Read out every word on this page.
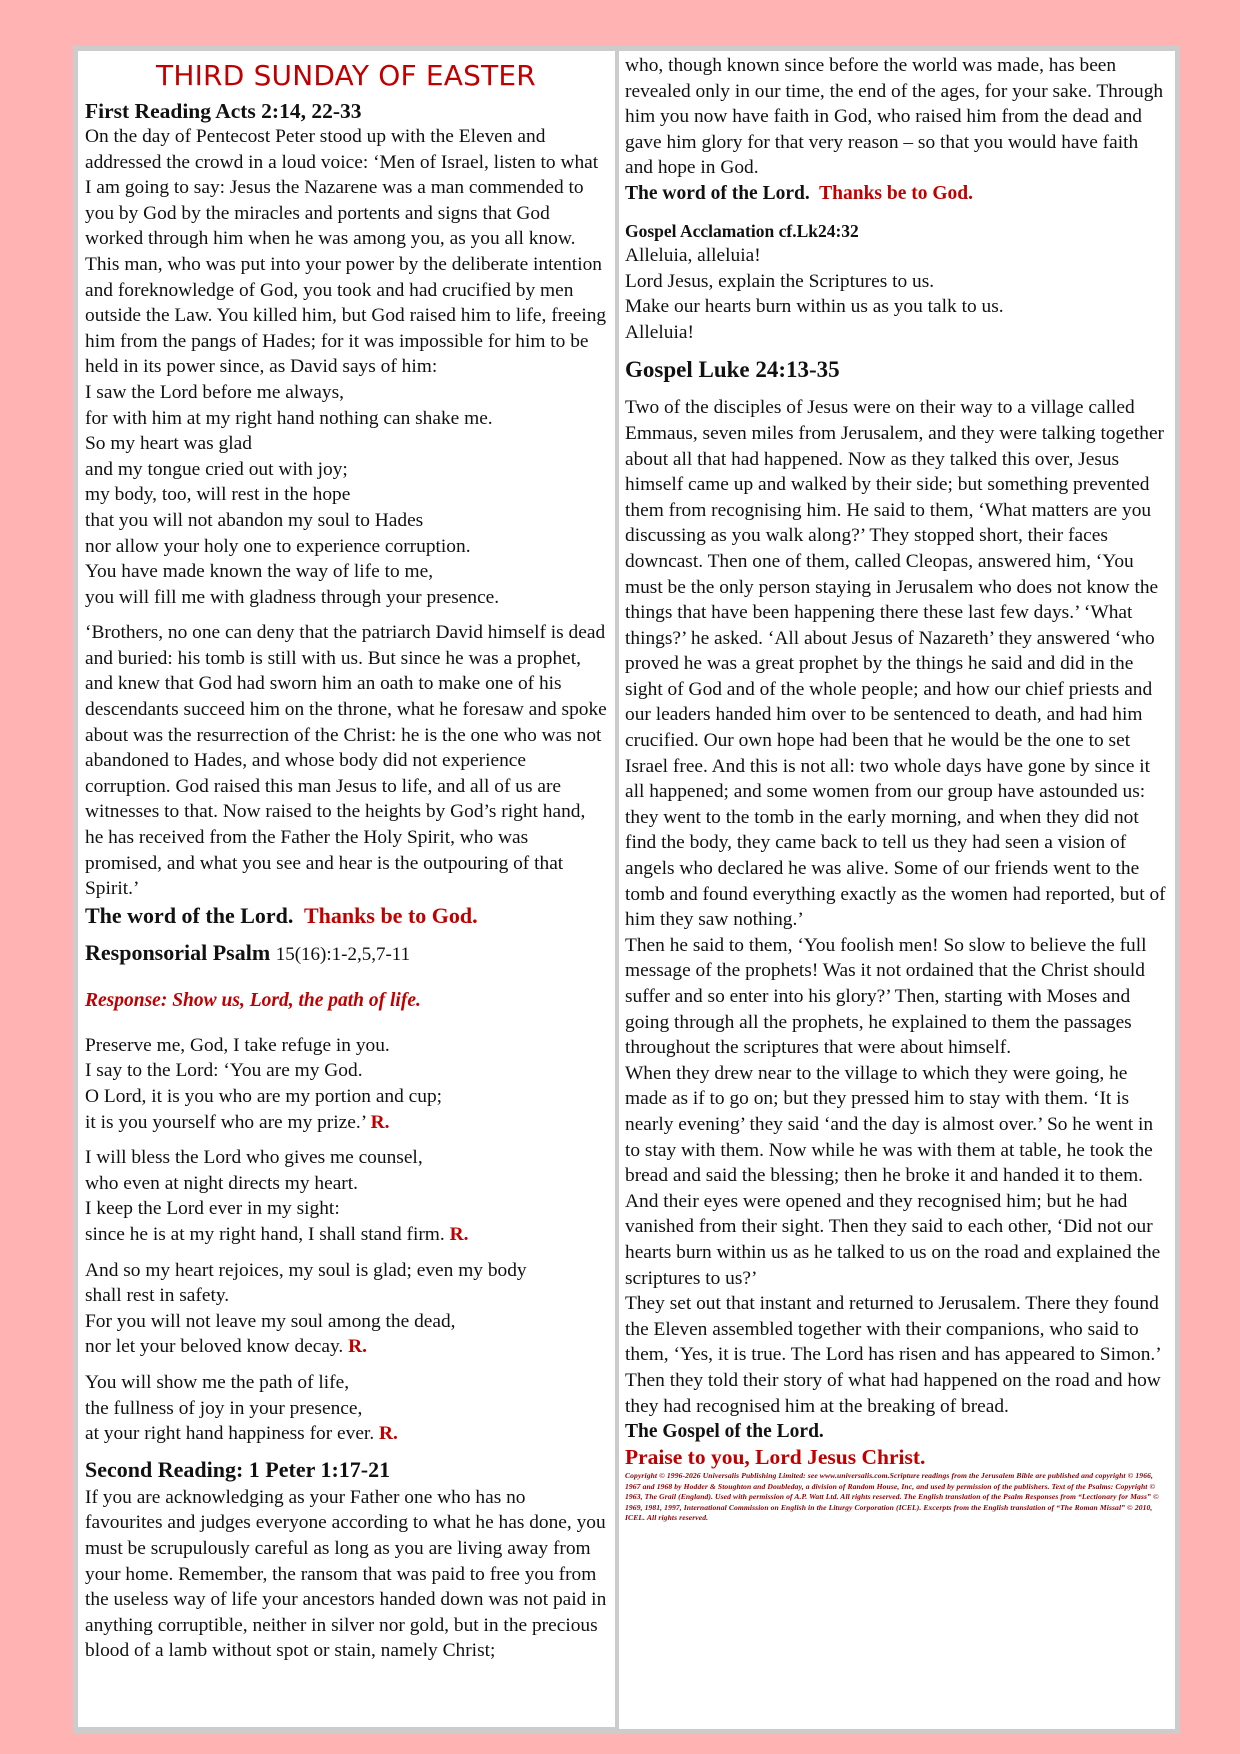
THIRD SUNDAY OF EASTER

First Reading Acts 2:14, 22-33

On the day of Pentecost Peter stood up with the Eleven and addressed the crowd in a loud voice: ‘Men of Israel, listen to what I am going to say: Jesus the Nazarene was a man commended to you by God by the miracles and portents and signs that God worked through him when he was among you, as you all know. This man, who was put into your power by the deliberate intention and foreknowledge of God, you took and had crucified by men outside the Law. You killed him, but God raised him to life, freeing him from the pangs of Hades; for it was impossible for him to be held in its power since, as David says of him:

I saw the Lord before me always,
for with him at my right hand nothing can shake me.
So my heart was glad
and my tongue cried out with joy;
my body, too, will rest in the hope
that you will not abandon my soul to Hades
nor allow your holy one to experience corruption.
You have made known the way of life to me,
you will fill me with gladness through your presence.

‘Brothers, no one can deny that the patriarch David himself is dead and buried: his tomb is still with us. But since he was a prophet, and knew that God had sworn him an oath to make one of his descendants succeed him on the throne, what he foresaw and spoke about was the resurrection of the Christ: he is the one who was not abandoned to Hades, and whose body did not experience corruption. God raised this man Jesus to life, and all of us are witnesses to that. Now raised to the heights by God’s right hand, he has received from the Father the Holy Spirit, who was promised, and what you see and hear is the outpouring of that Spirit.’

The word of the Lord. Thanks be to God.

Responsorial Psalm 15(16):1-2,5,7-11

Response: Show us, Lord, the path of life.

Preserve me, God, I take refuge in you.
I say to the Lord: ‘You are my God.
O Lord, it is you who are my portion and cup;
it is you yourself who are my prize.’ R.
I will bless the Lord who gives me counsel,
who even at night directs my heart.
I keep the Lord ever in my sight:
since he is at my right hand, I shall stand firm. R.
And so my heart rejoices, my soul is glad; even my body
shall rest in safety.
For you will not leave my soul among the dead,
nor let your beloved know decay. R.
You will show me the path of life,
the fullness of joy in your presence,
at your right hand happiness for ever. R.

Second Reading: 1 Peter 1:17-21

If you are acknowledging as your Father one who has no favourites and judges everyone according to what he has done, you must be scrupulously careful as long as you are living away from your home. Remember, the ransom that was paid to free you from the useless way of life your ancestors handed down was not paid in anything corruptible, neither in silver nor gold, but in the precious blood of a lamb without spot or stain, namely Christ;

who, though known since before the world was made, has been revealed only in our time, the end of the ages, for your sake. Through him you now have faith in God, who raised him from the dead and gave him glory for that very reason – so that you would have faith and hope in God.

The word of the Lord. Thanks be to God.

Gospel Acclamation cf.Lk24:32

Alleluia, alleluia!
Lord Jesus, explain the Scriptures to us.
Make our hearts burn within us as you talk to us.
Alleluia!

Gospel Luke 24:13-35

Two of the disciples of Jesus were on their way to a village called Emmaus, seven miles from Jerusalem, and they were talking together about all that had happened. Now as they talked this over, Jesus himself came up and walked by their side; but something prevented them from recognising him. He said to them, ‘What matters are you discussing as you walk along?’ They stopped short, their faces downcast. Then one of them, called Cleopas, answered him, ‘You must be the only person staying in Jerusalem who does not know the things that have been happening there these last few days.’ ‘What things?’ he asked. ‘All about Jesus of Nazareth’ they answered ‘who proved he was a great prophet by the things he said and did in the sight of God and of the whole people; and how our chief priests and our leaders handed him over to be sentenced to death, and had him crucified. Our own hope had been that he would be the one to set Israel free. And this is not all: two whole days have gone by since it all happened; and some women from our group have astounded us: they went to the tomb in the early morning, and when they did not find the body, they came back to tell us they had seen a vision of angels who declared he was alive. Some of our friends went to the tomb and found everything exactly as the women had reported, but of him they saw nothing.’

Then he said to them, ‘You foolish men! So slow to believe the full message of the prophets! Was it not ordained that the Christ should suffer and so enter into his glory?’ Then, starting with Moses and going through all the prophets, he explained to them the passages throughout the scriptures that were about himself.

When they drew near to the village to which they were going, he made as if to go on; but they pressed him to stay with them. ‘It is nearly evening’ they said ‘and the day is almost over.’ So he went in to stay with them. Now while he was with them at table, he took the bread and said the blessing; then he broke it and handed it to them. And their eyes were opened and they recognised him; but he had vanished from their sight. Then they said to each other, ‘Did not our hearts burn within us as he talked to us on the road and explained the scriptures to us?’

They set out that instant and returned to Jerusalem. There they found the Eleven assembled together with their companions, who said to them, ‘Yes, it is true. The Lord has risen and has appeared to Simon.’ Then they told their story of what had happened on the road and how they had recognised him at the breaking of bread.

The Gospel of the Lord.

Praise to you, Lord Jesus Christ.

Copyright © 1996-2026 Universalis Publishing Limited: see www.universalis.com.Scripture readings from the Jerusalem Bible are published and copyright © 1966, 1967 and 1968 by Hodder & Stoughton and Doubleday, a division of Random House, Inc, and used by permission of the publishers. Text of the Psalms: Copyright © 1963, The Grail (England). Used with permission of A.P. Watt Ltd. All rights reserved. The English translation of the Psalm Responses from “Lectionary for Mass” © 1969, 1981, 1997, International Commission on English in the Liturgy Corporation (ICEL). Excerpts from the English translation of “The Roman Missal” © 2010, ICEL. All rights reserved.
